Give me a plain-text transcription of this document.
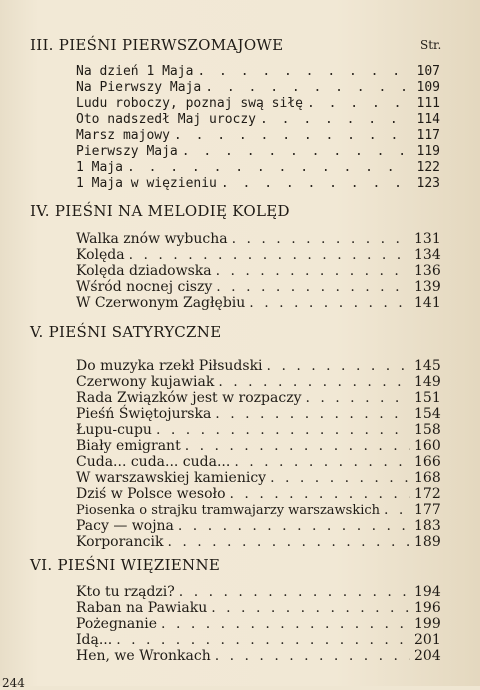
III. PIEŚNI PIERWSZOMAJOWE	Str.
Na dzień 1 Maja . . .	107
Na Pierwszy Maja . . .	109
Ludu roboczy, poznaj swą siłę . . .	111
Oto nadszedł Maj uroczy . . .	114
Marsz majowy . . .	117
Pierwszy Maja . . .	119
1 Maja . . .	122
1 Maja w więzieniu . . .	123
IV. PIEŚNI NA MELODIĘ KOLĘD
Walka znów wybucha . . .	131
Kolęda . . .	134
Kolęda dziadowska . . .	136
Wśród nocnej ciszy . . .	139
W Czerwonym Zagłębiu . . .	141
V. PIEŚNI SATYRYCZNE
Do muzyka rzekł Piłsudski . . .	145
Czerwony kujawiak . . .	149
Rada Związków jest w rozpaczy . . .	151
Pieśń Świętojurska . . .	154
Łupu-cupu . . .	158
Biały emigrant . . .	160
Cuda... cuda... cuda... . . .	166
W warszawskiej kamienicy . . .	168
Dziś w Polsce wesoło . . .	172
Piosenka o strajku tramwajarzy warszawskich . . . 177
Pacy — wojna . . .	183
Korporancik . . .	189
VI. PIEŚNI WIĘZIENNE
Kto tu rządzi? . . .	194
Raban na Pawiaku . . .	196
Pożegnanie . . .	199
Idą... . . .	201
Hen, we Wronkach . . .	204
244
